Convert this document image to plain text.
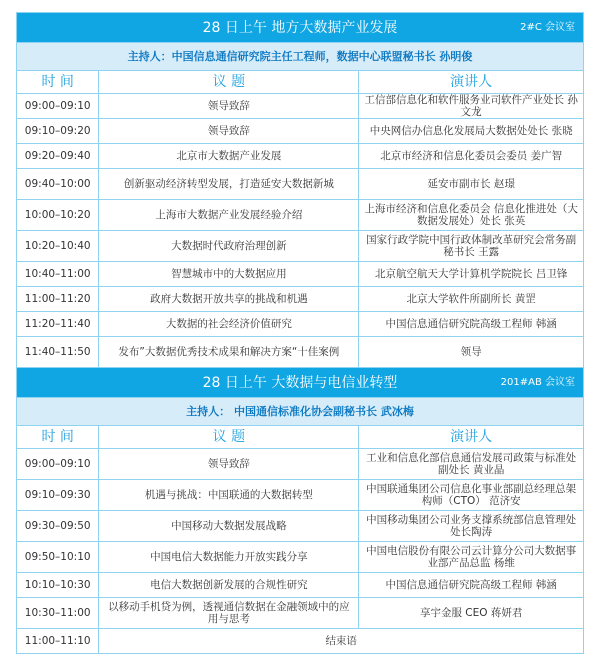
28 日上午 地方大数据产业发展 2#C 会议室		

主持人：中国信息通信研究院主任工程师，数据中心联盟秘书长 孙明俊		
时 间	议 题	演讲人
09:00–09:10	领导致辞	工信部信息化和软件服务业司软件产业处长 孙文龙
09:10–09:20	领导致辞	中央网信办信息化发展局大数据处处长 张晓
09:20–09:40	北京市大数据产业发展	北京市经济和信息化委员会委员 姜广智
09:40–10:00	创新驱动经济转型发展，打造延安大数据新城	延安市副市长 赵璟
10:00–10:20	上海市大数据产业发展经验介绍	上海市经济和信息化委员会 信息化推进处（大数据发展处）处长 张英
10:20–10:40	大数据时代政府治理创新	国家行政学院中国行政体制改革研究会常务副秘书长 王露
10:40–11:00	智慧城市中的大数据应用	北京航空航天大学计算机学院院长 吕卫锋
11:00–11:20	政府大数据开放共享的挑战和机遇	北京大学软件所副所长 黄罡
11:20–11:40	大数据的社会经济价值研究	中国信息通信研究院高级工程师 韩涵
11:40–11:50	发布”大数据优秀技术成果和解决方案“十佳案例	领导
28 日上午 大数据与电信业转型 201#AB 会议室		

主持人： 中国通信标准化协会副秘书长 武冰梅		
时 间	议 题	演讲人
09:00–09:10	领导致辞	工业和信息化部信息通信发展司政策与标准处副处长 黄业晶
09:10–09:30	机遇与挑战：中国联通的大数据转型	中国联通集团公司信息化事业部副总经理总架构师（CTO） 范济安
09:30–09:50	中国移动大数据发展战略	中国移动集团公司业务支撑系统部信息管理处处长陶涛
09:50–10:10	中国电信大数据能力开放实践分享	中国电信股份有限公司云计算分公司大数据事业部产品总监 杨维
10:10–10:30	电信大数据创新发展的合规性研究	中国信息通信研究院高级工程师 韩涵
10:30–11:00	以移动手机贷为例，透视通信数据在金融领域中的应用与思考	享宇金服 CEO 蒋妍君
11:00–11:10	结束语	
